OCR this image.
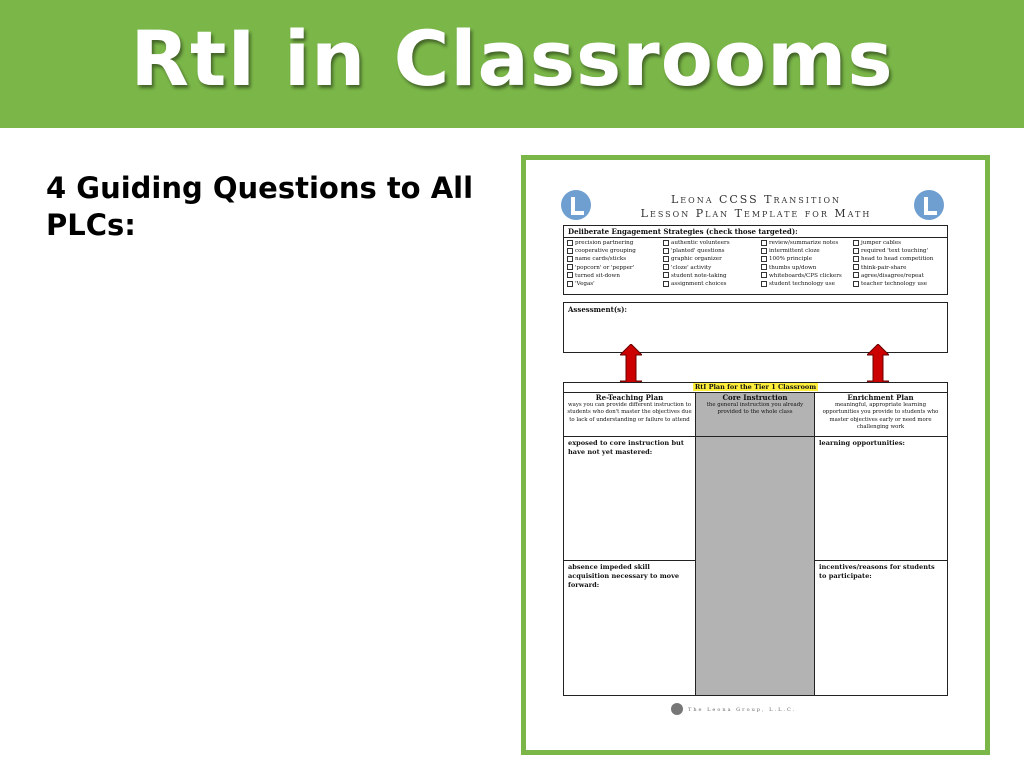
RtI in Classrooms
4 Guiding Questions to All PLCs:
Leona CCSS Transition
Lesson Plan Template for Math
Deliberate Engagement Strategies (check those targeted):
precision partnering
cooperative grouping
name cards/sticks
'popcorn' or 'pepper'
turned sit-down
'Vegas'
authentic volunteers
'planted' questions
graphic organizer
'cloze' activity
student note-taking
assignment choices
review/summarize notes
intermittent cloze
100% principle
thumbs up/down
whiteboards/CPS clickers
student technology use
jumper cables
required 'text touching'
head to head competition
think-pair-share
agree/disagree/repeat
teacher technology use
Assessment(s):
RtI Plan for the Tier 1 Classroom
Re-Teaching Plan
ways you can provide different instruction to students who don't master the objectives due to lack of understanding or failure to attend
Core Instruction
the general instruction you already provided to the whole class
Enrichment Plan
meaningful, appropriate learning opportunities you provide to students who master objectives early or need more challenging work
exposed to core instruction but have not yet mastered:
absence impeded skill acquisition necessary to move forward:
learning opportunities:
incentives/reasons for students to participate:
The Leona Group, L.L.C.
